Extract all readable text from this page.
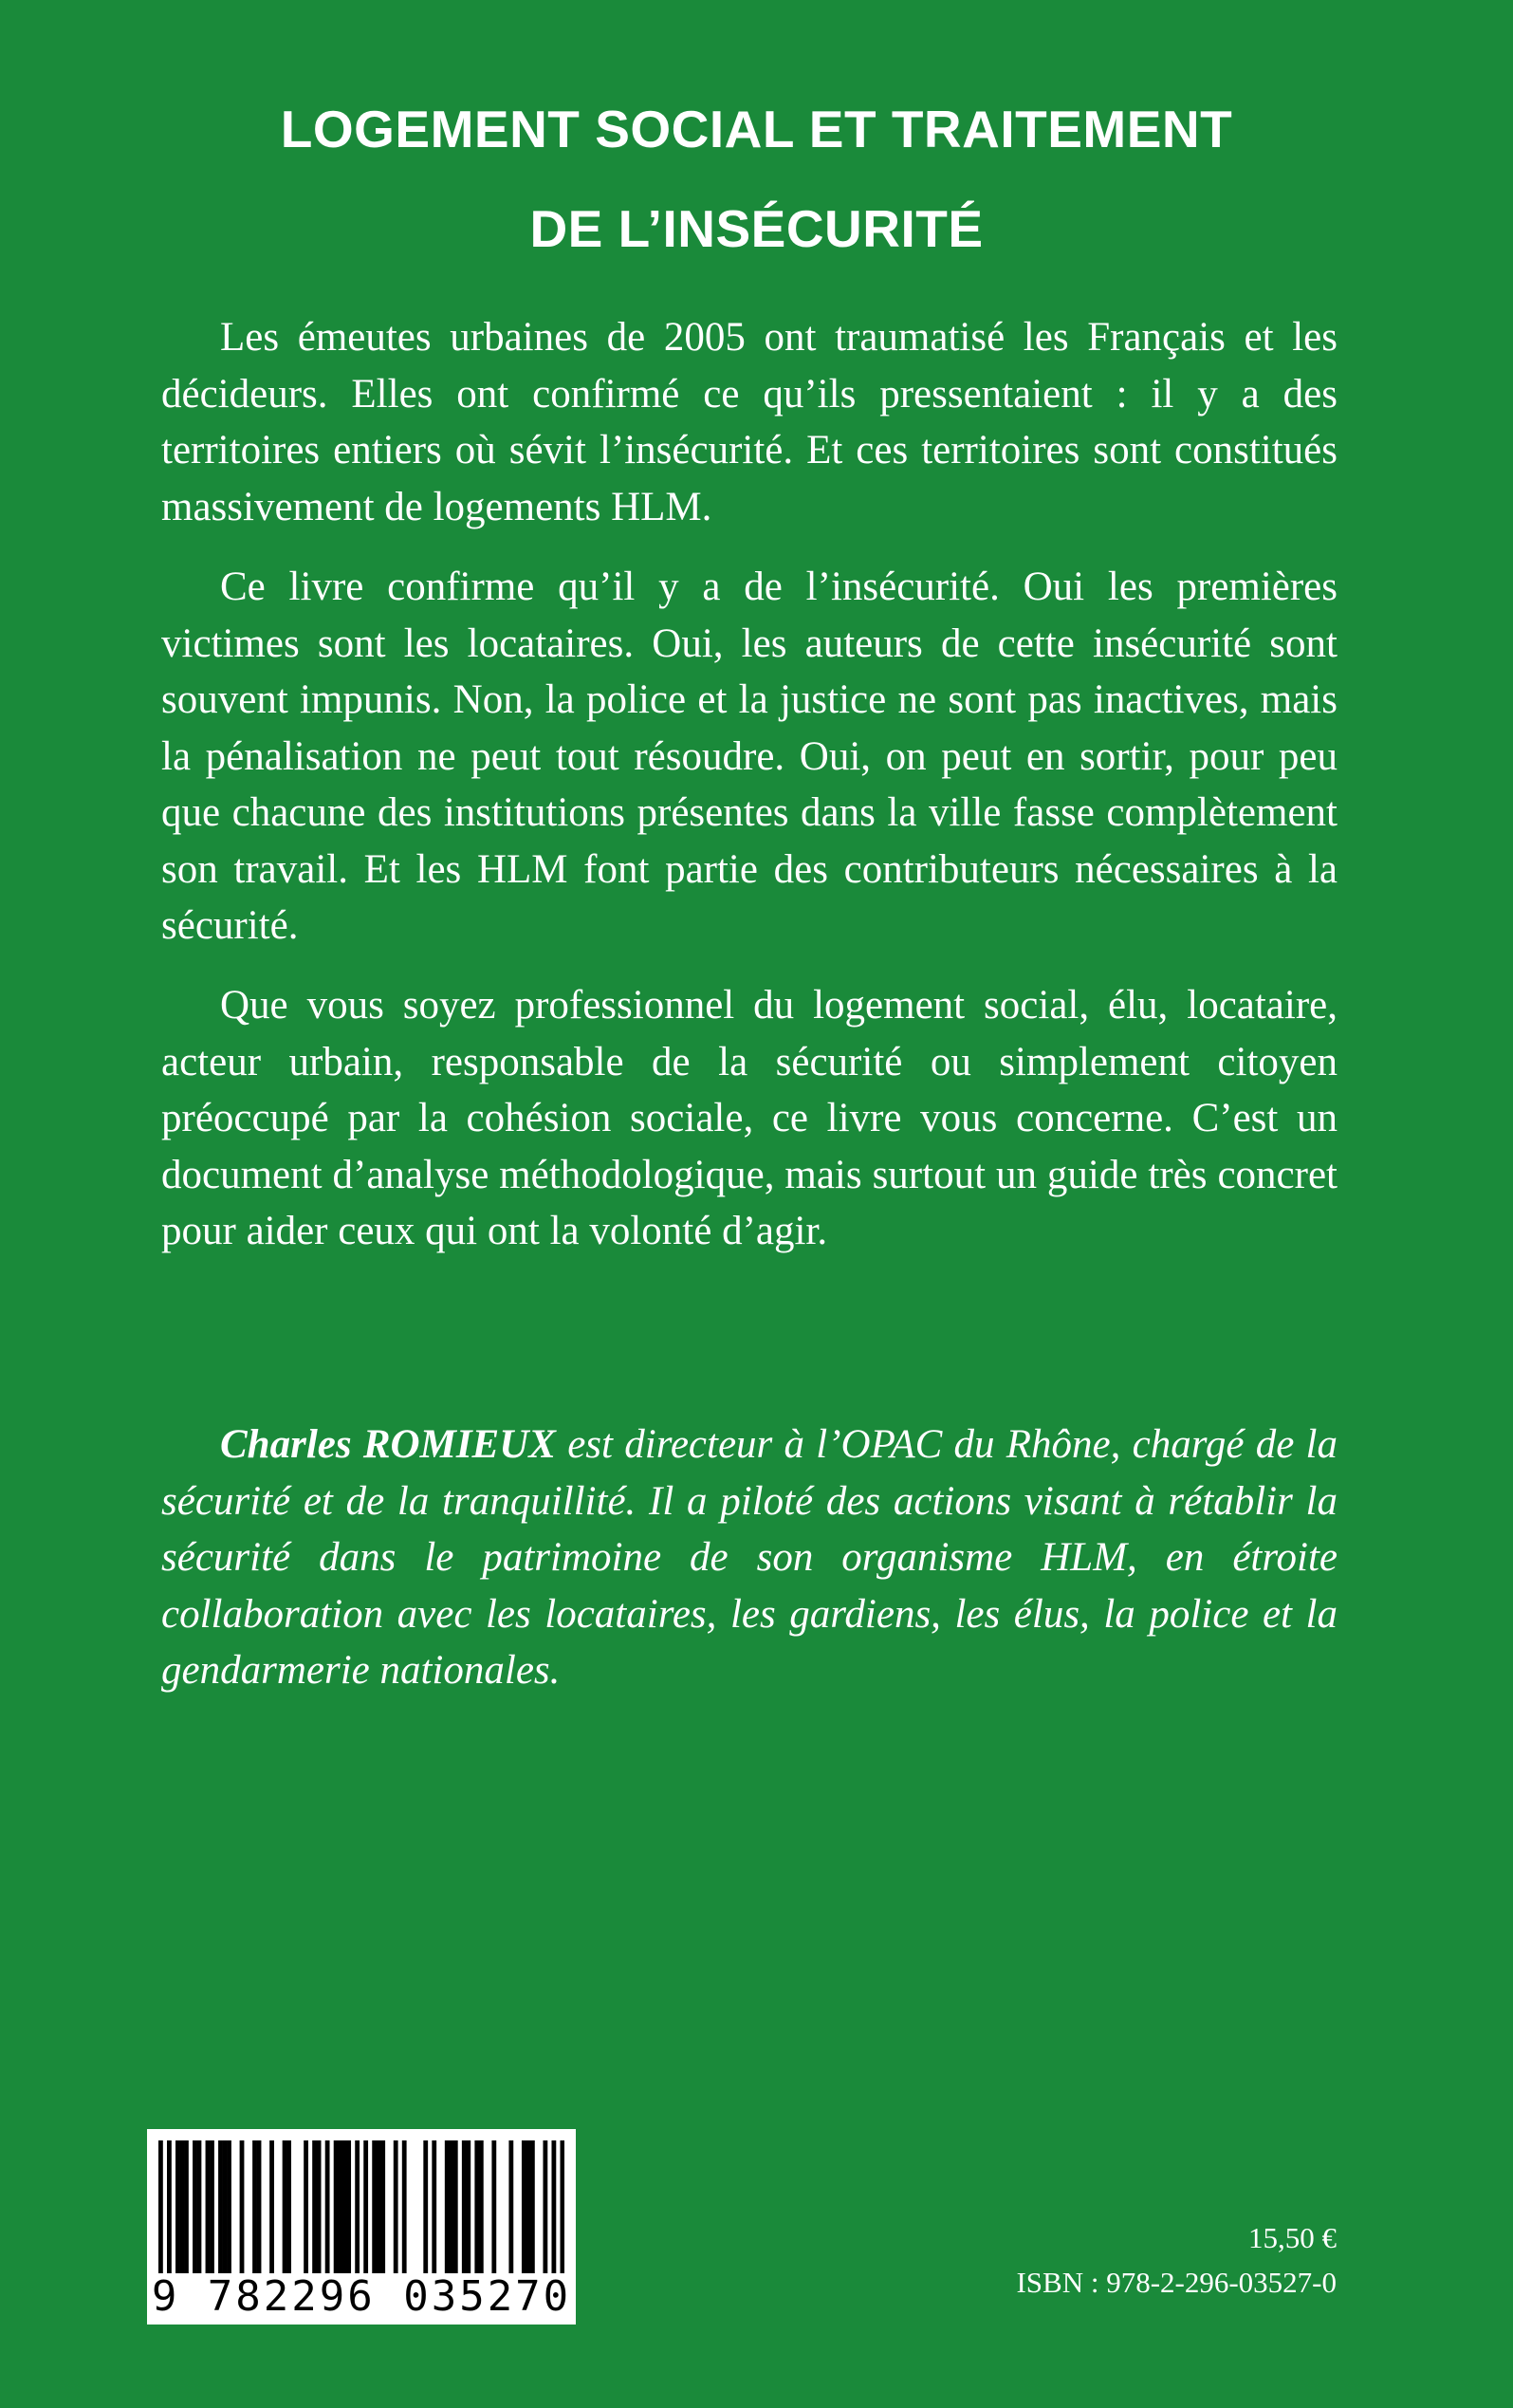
LOGEMENT SOCIAL ET TRAITEMENT
DE L’INSÉCURITÉ

Les émeutes urbaines de 2005 ont traumatisé les Français et les décideurs. Elles ont confirmé ce qu’ils pressentaient : il y a des territoires entiers où sévit l’insécurité. Et ces territoires sont constitués massivement de logements HLM.

Ce livre confirme qu’il y a de l’insécurité. Oui les premières victimes sont les locataires. Oui, les auteurs de cette insécurité sont souvent impunis. Non, la police et la justice ne sont pas inactives, mais la pénalisation ne peut tout résoudre. Oui, on peut en sortir, pour peu que chacune des institutions présentes dans la ville fasse complètement son travail. Et les HLM font partie des contributeurs nécessaires à la sécurité.

Que vous soyez professionnel du logement social, élu, locataire, acteur urbain, responsable de la sécurité ou simplement citoyen préoccupé par la cohésion sociale, ce livre vous concerne. C’est un document d’analyse méthodologique, mais surtout un guide très concret pour aider ceux qui ont la volonté d’agir.

Charles ROMIEUX est directeur à l’OPAC du Rhône, chargé de la sécurité et de la tranquillité. Il a piloté des actions visant à rétablir la sécurité dans le patrimoine de son organisme HLM, en étroite collaboration avec les locataires, les gardiens, les élus, la police et la gendarmerie nationales.

9 782296 035270
15,50 €
ISBN : 978-2-296-03527-0
